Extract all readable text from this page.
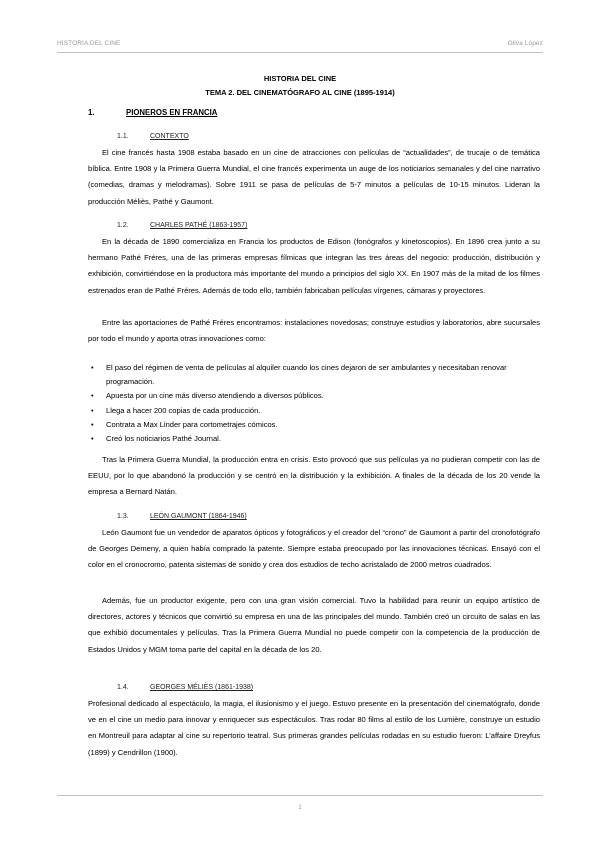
HISTORIA DEL CINE	Oliva López
HISTORIA DEL CINE
TEMA 2. DEL CINEMATÓGRAFO AL CINE (1895-1914)
1.	PIONEROS EN FRANCIA
1.1.	CONTEXTO

El cine francés hasta 1908 estaba basado en un cine de atracciones con películas de “actualidades”, de trucaje o de temática bíblica. Entre 1908 y la Primera Guerra Mundial, el cine francés experimenta un auge de los noticiarios semanales y del cine narrativo (comedias, dramas y melodramas). Sobre 1911 se pasa de películas de 5-7 minutos a películas de 10-15 minutos. Lideran la producción Méliès, Pathé y Gaumont.

1.2.	CHARLES PATHÉ (1863-1957)

En la década de 1890 comercializa en Francia los productos de Edison (fonógrafos y kinetoscopios). En 1896 crea junto a su hermano Pathé Fréres, una de las primeras empresas fílmicas que integran las tres áreas del negocio: producción, distribución y exhibición, convirtiéndose en la productora más importante del mundo a principios del siglo XX. En 1907 más de la mitad de los filmes estrenados eran de Pathé Fréres. Además de todo ello, también fabricaban películas vírgenes, cámaras y proyectores.

Entre las aportaciones de Pathé Fréres encontramos: instalaciones novedosas; construye estudios y laboratorios, abre sucursales por todo el mundo y aporta otras innovaciones como:

• El paso del régimen de venta de películas al alquiler cuando los cines dejaron de ser ambulantes y necesitaban renovar programación.
• Apuesta por un cine más diverso atendiendo a diversos públicos.
• Llega a hacer 200 copias de cada producción.
• Contrata a Max Linder para cortometrajes cómicos.
• Creó los noticiarios Pathé Journal.

Tras la Primera Guerra Mundial, la producción entra en crisis. Esto provocó que sus películas ya no pudieran competir con las de EEUU, por lo que abandonó la producción y se centró en la distribución y la exhibición. A finales de la década de los 20 vende la empresa a Bernard Natán.

1.3.	LEÓN GAUMONT (1864-1946)

León Gaumont fue un vendedor de aparatos ópticos y fotográficos y el creador del “crono” de Gaumont a partir del cronofotógrafo de Georges Demeny, a quien había comprado la patente. Siempre estaba preocupado por las innovaciones técnicas. Ensayó con el color en el cronocromo, patenta sistemas de sonido y crea dos estudios de techo acristalado de 2000 metros cuadrados.

Además, fue un productor exigente, pero con una gran visión comercial. Tuvo la habilidad para reunir un equipo artístico de directores, actores y técnicos que convirtió su empresa en una de las principales del mundo. También creó un circuito de salas en las que exhibió documentales y películas. Tras la Primera Guerra Mundial no puede competir con la competencia de la producción de Estados Unidos y MGM toma parte del capital en la década de los 20.

1.4.	GEORGES MÉLIÈS (1861-1938)

Profesional dedicado al espectáculo, la magia, el ilusionismo y el juego. Estuvo presente en la presentación del cinematógrafo, donde ve en el cine un medio para innovar y enriquecer sus espectáculos. Tras rodar 80 films al estilo de los Lumière, construye un estudio en Montreuil para adaptar al cine su repertorio teatral. Sus primeras grandes películas rodadas en su estudio fueron: L’affaire Dreyfus (1899) y Cendrillon (1900).

1
